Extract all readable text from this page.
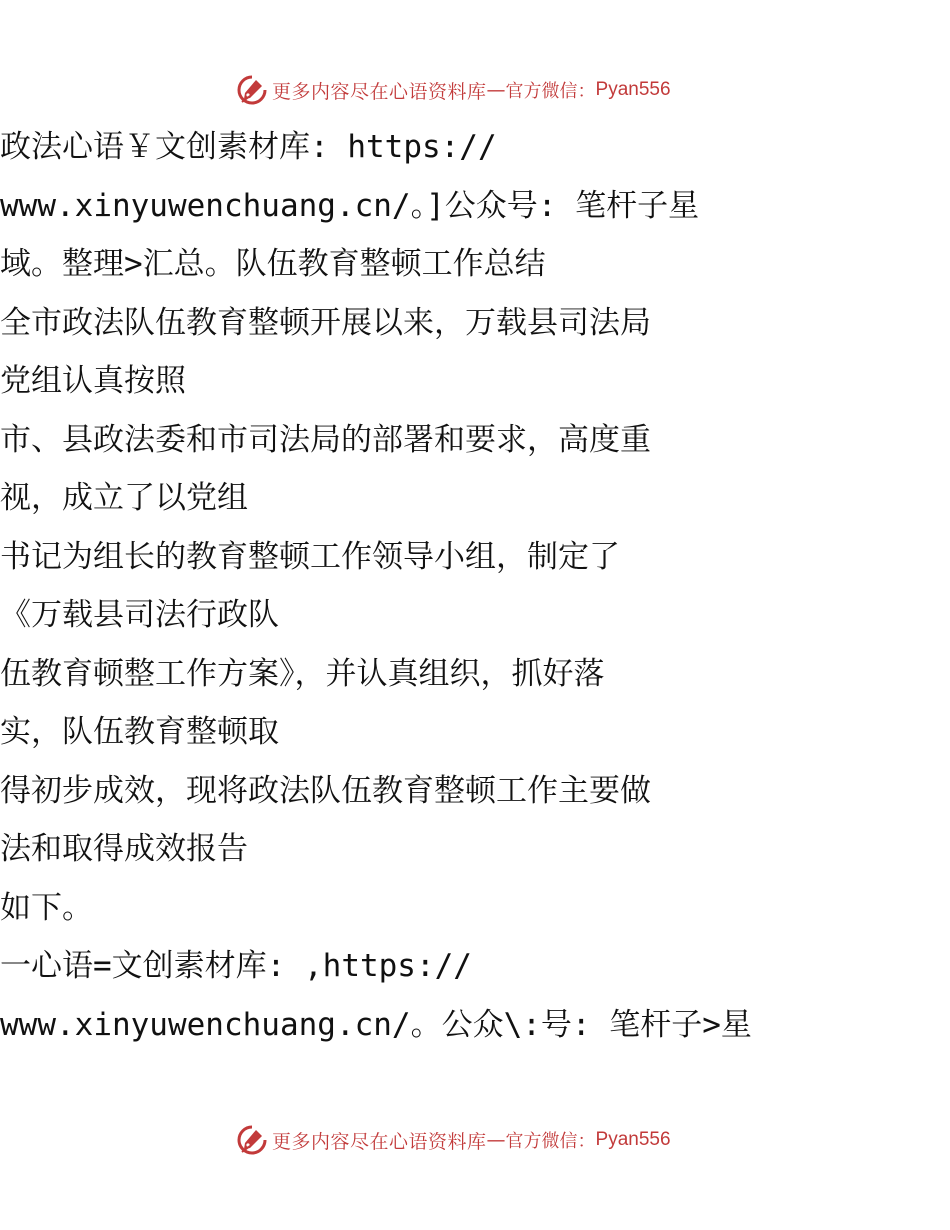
更多内容尽在心语资料库 — 官方微信： Pyan556
政法心语￥文创素材库: https://
www.xinyuwenchuang.cn/。]公众号: 笔杆子星
域。整理>汇总。队伍教育整顿工作总结
全市政法队伍教育整顿开展以来，万载县司法局
党组认真按照
市、县政法委和市司法局的部署和要求，高度重
视，成立了以党组
书记为组长的教育整顿工作领导小组，制定了
《万载县司法行政队
伍教育顿整工作方案》，并认真组织，抓好落
实，队伍教育整顿取
得初步成效，现将政法队伍教育整顿工作主要做
法和取得成效报告
如下。
一心语=文创素材库: ,https://
www.xinyuwenchuang.cn/。公众\:号: 笔杆子>星
更多内容尽在心语资料库 — 官方微信： Pyan556
